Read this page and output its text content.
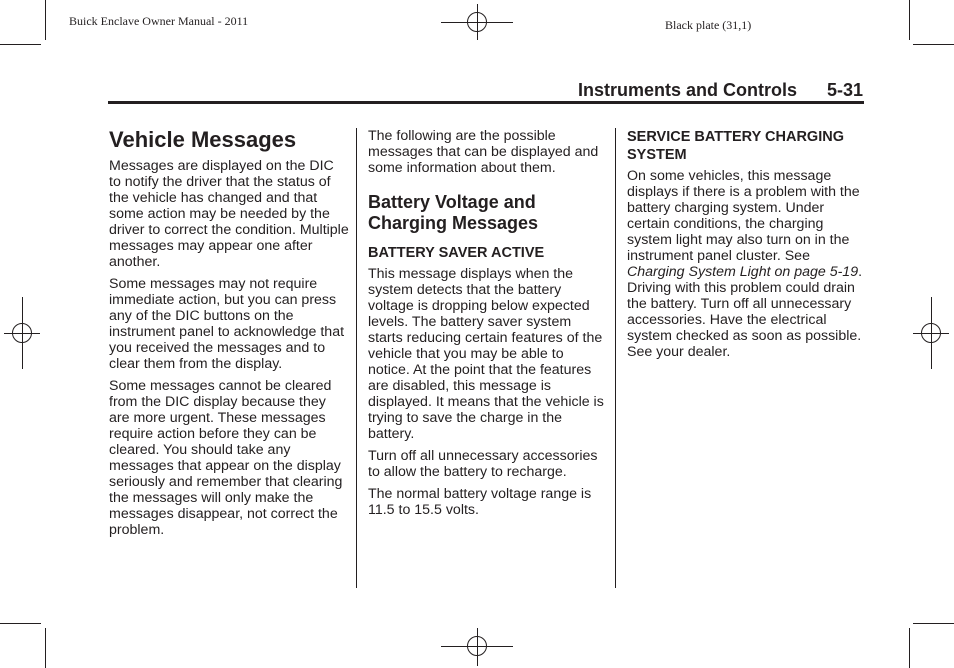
Buick Enclave Owner Manual - 2011	Black plate (31,1)
Instruments and Controls 5-31
Vehicle Messages

Messages are displayed on the DIC to notify the driver that the status of the vehicle has changed and that some action may be needed by the driver to correct the condition. Multiple messages may appear one after another.

Some messages may not require immediate action, but you can press any of the DIC buttons on the instrument panel to acknowledge that you received the messages and to clear them from the display.

Some messages cannot be cleared from the DIC display because they are more urgent. These messages require action before they can be cleared. You should take any messages that appear on the display seriously and remember that clearing the messages will only make the messages disappear, not correct the problem.

The following are the possible messages that can be displayed and some information about them.

Battery Voltage and Charging Messages
BATTERY SAVER ACTIVE

This message displays when the system detects that the battery voltage is dropping below expected levels. The battery saver system starts reducing certain features of the vehicle that you may be able to notice. At the point that the features are disabled, this message is displayed. It means that the vehicle is trying to save the charge in the battery.

Turn off all unnecessary accessories to allow the battery to recharge.

The normal battery voltage range is 11.5 to 15.5 volts.

SERVICE BATTERY CHARGING SYSTEM

On some vehicles, this message displays if there is a problem with the battery charging system. Under certain conditions, the charging system light may also turn on in the instrument panel cluster. See Charging System Light on page 5-19. Driving with this problem could drain the battery. Turn off all unnecessary accessories. Have the electrical system checked as soon as possible. See your dealer.
